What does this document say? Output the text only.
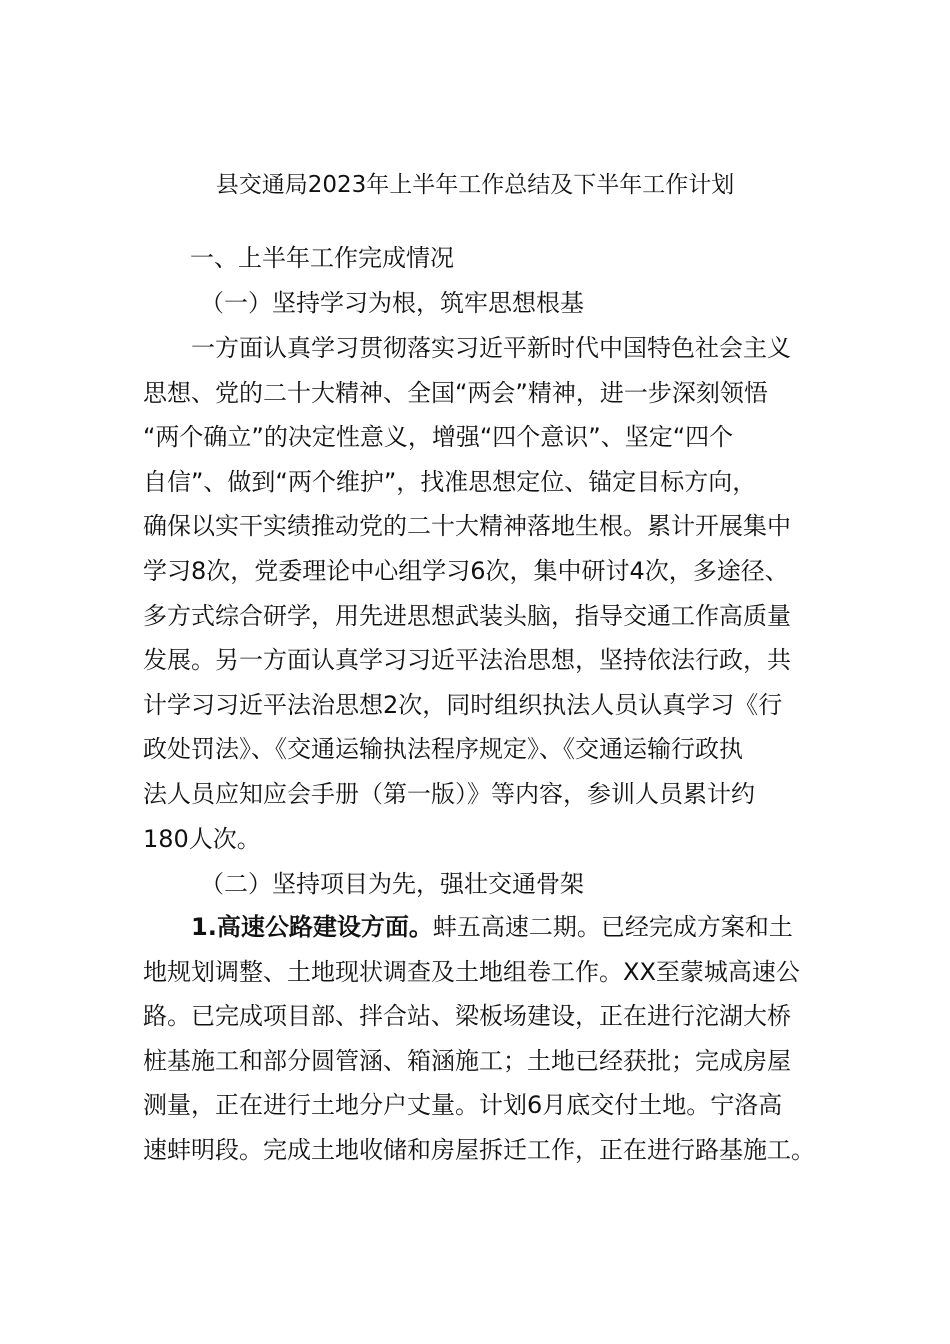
县交通局2023年上半年工作总结及下半年工作计划

一、上半年工作完成情况

（一）坚持学习为根，筑牢思想根基

一方面认真学习贯彻落实习近平新时代中国特色社会主义
思想、党的二十大精神、全国“两会”精神，进一步深刻领悟
“两个确立”的决定性意义，增强“四个意识”、坚定“四个
自信”、做到“两个维护”，找准思想定位、锚定目标方向，
确保以实干实绩推动党的二十大精神落地生根。累计开展集中
学习8次，党委理论中心组学习6次，集中研讨4次，多途径、
多方式综合研学，用先进思想武装头脑，指导交通工作高质量
发展。另一方面认真学习习近平法治思想，坚持依法行政，共
计学习习近平法治思想2次，同时组织执法人员认真学习《行
政处罚法》、《交通运输执法程序规定》、《交通运输行政执
法人员应知应会手册（第一版）》等内容，参训人员累计约
180人次。

（二）坚持项目为先，强壮交通骨架

1.高速公路建设方面。蚌五高速二期。已经完成方案和土
地规划调整、土地现状调查及土地组卷工作。XX至蒙城高速公
路。已完成项目部、拌合站、梁板场建设，正在进行沱湖大桥
桩基施工和部分圆管涵、箱涵施工；土地已经获批；完成房屋
测量，正在进行土地分户丈量。计划6月底交付土地。宁洛高
速蚌明段。完成土地收储和房屋拆迁工作，正在进行路基施工。
